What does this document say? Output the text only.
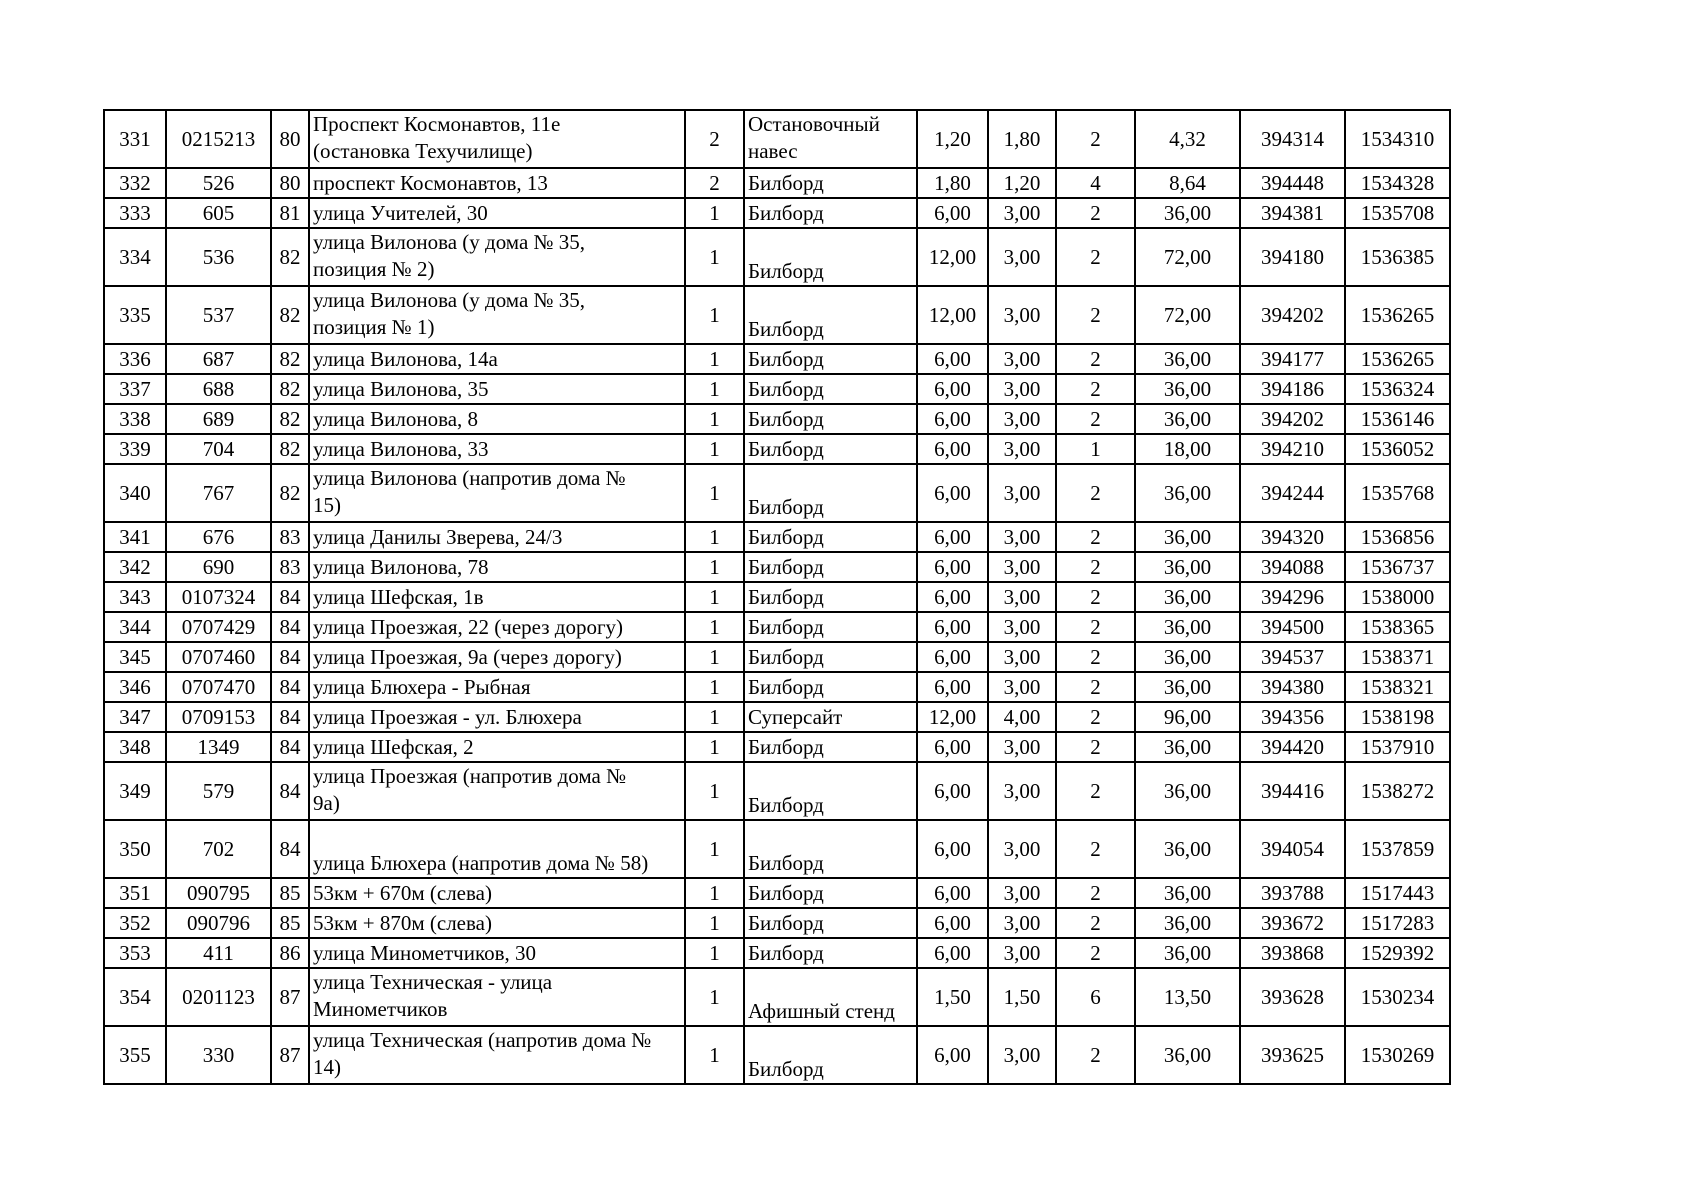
331	0215213	80	Проспект Космонавтов, 11е
(остановка Техучилище)	2	Остановочный
навес	1,20	1,80	2	4,32	394314	1534310
332	526	80	проспект Космонавтов, 13	2	Билборд	1,80	1,20	4	8,64	394448	1534328
333	605	81	улица Учителей, 30	1	Билборд	6,00	3,00	2	36,00	394381	1535708
334	536	82	улица Вилонова (у дома № 35,
позиция № 2)	1	Билборд	12,00	3,00	2	72,00	394180	1536385
335	537	82	улица Вилонова (у дома № 35,
позиция № 1)	1	Билборд	12,00	3,00	2	72,00	394202	1536265
336	687	82	улица Вилонова, 14а	1	Билборд	6,00	3,00	2	36,00	394177	1536265
337	688	82	улица Вилонова, 35	1	Билборд	6,00	3,00	2	36,00	394186	1536324
338	689	82	улица Вилонова, 8	1	Билборд	6,00	3,00	2	36,00	394202	1536146
339	704	82	улица Вилонова, 33	1	Билборд	6,00	3,00	1	18,00	394210	1536052
340	767	82	улица Вилонова (напротив дома №
15)	1	Билборд	6,00	3,00	2	36,00	394244	1535768
341	676	83	улица Данилы Зверева, 24/3	1	Билборд	6,00	3,00	2	36,00	394320	1536856
342	690	83	улица Вилонова, 78	1	Билборд	6,00	3,00	2	36,00	394088	1536737
343	0107324	84	улица Шефская, 1в	1	Билборд	6,00	3,00	2	36,00	394296	1538000
344	0707429	84	улица Проезжая, 22 (через дорогу)	1	Билборд	6,00	3,00	2	36,00	394500	1538365
345	0707460	84	улица Проезжая, 9а (через дорогу)	1	Билборд	6,00	3,00	2	36,00	394537	1538371
346	0707470	84	улица Блюхера - Рыбная	1	Билборд	6,00	3,00	2	36,00	394380	1538321
347	0709153	84	улица Проезжая - ул. Блюхера	1	Суперсайт	12,00	4,00	2	96,00	394356	1538198
348	1349	84	улица Шефская, 2	1	Билборд	6,00	3,00	2	36,00	394420	1537910
349	579	84	улица Проезжая (напротив дома №
9а)	1	Билборд	6,00	3,00	2	36,00	394416	1538272
350	702	84	улица Блюхера (напротив дома № 58)	1	Билборд	6,00	3,00	2	36,00	394054	1537859
351	090795	85	53км + 670м (слева)	1	Билборд	6,00	3,00	2	36,00	393788	1517443
352	090796	85	53км + 870м (слева)	1	Билборд	6,00	3,00	2	36,00	393672	1517283
353	411	86	улица Минометчиков, 30	1	Билборд	6,00	3,00	2	36,00	393868	1529392
354	0201123	87	улица Техническая - улица
Минометчиков	1	Афишный стенд	1,50	1,50	6	13,50	393628	1530234
355	330	87	улица Техническая (напротив дома №
14)	1	Билборд	6,00	3,00	2	36,00	393625	1530269
